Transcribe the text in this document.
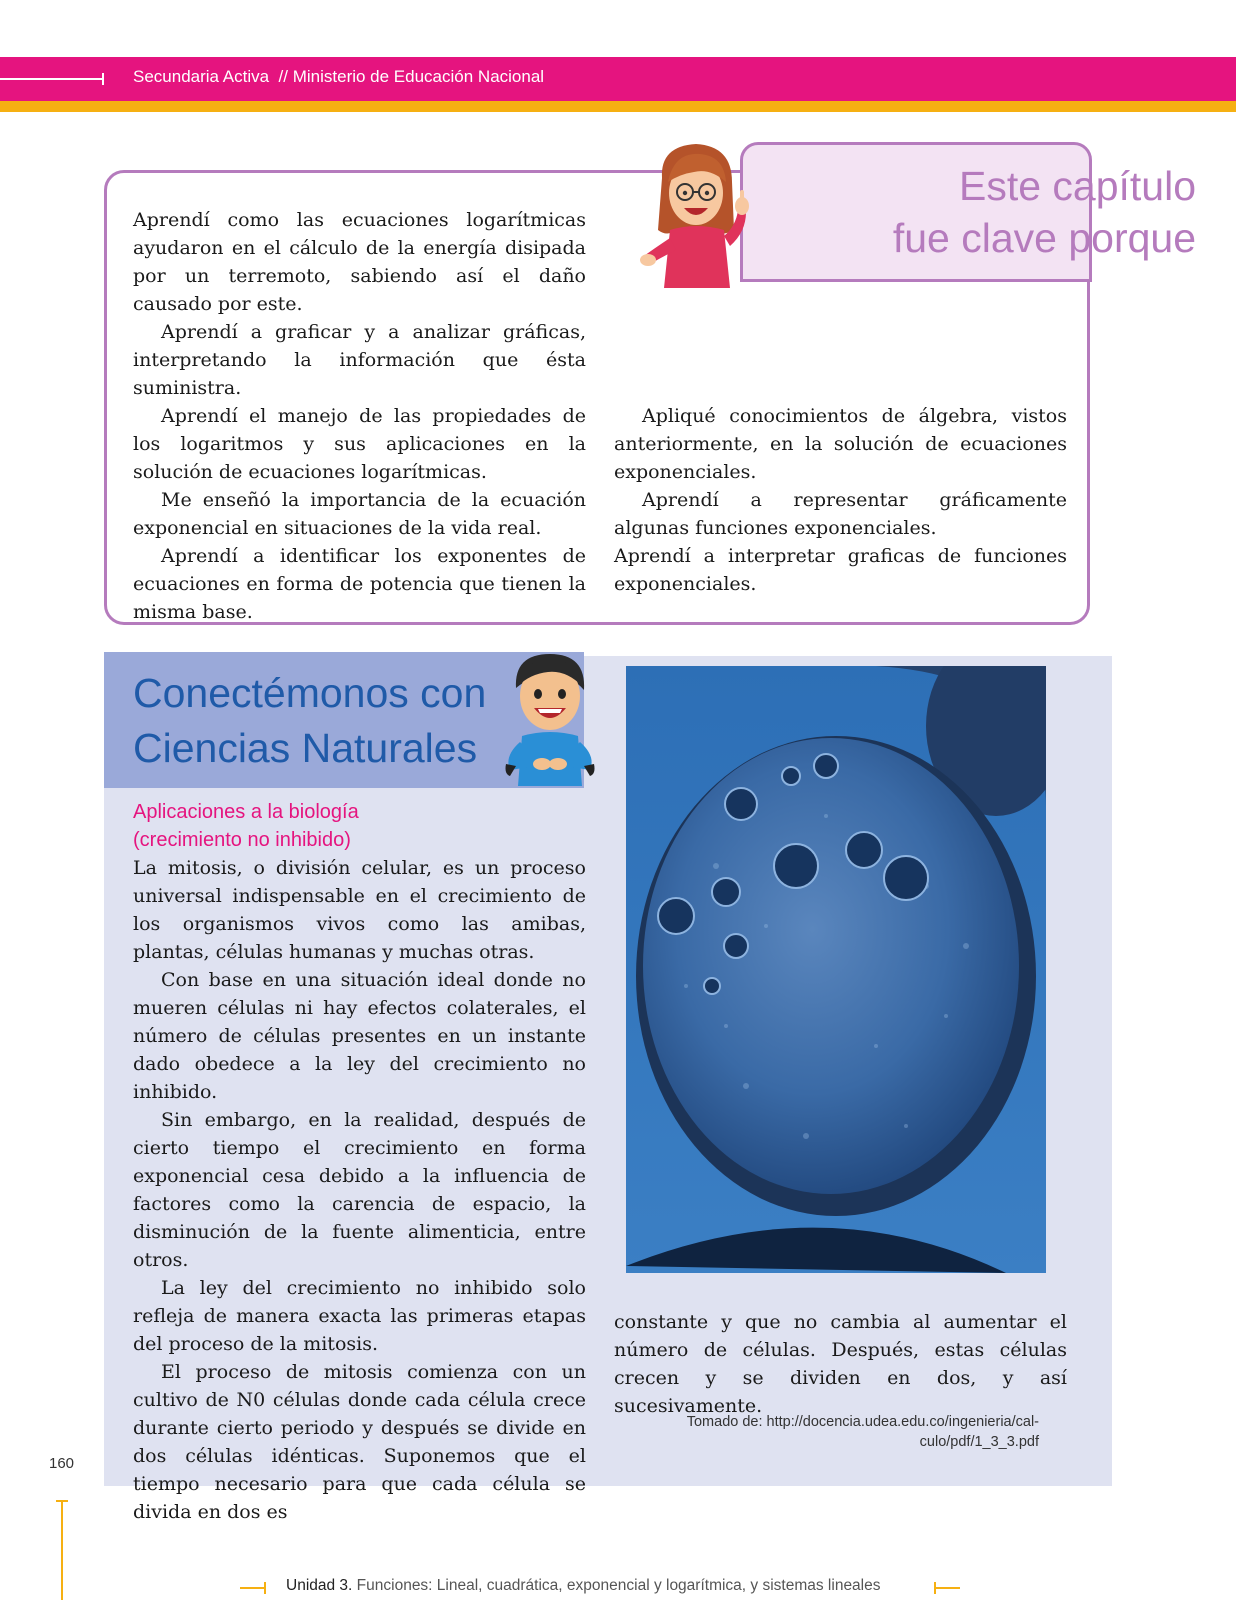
Secundaria Activa // Ministerio de Educación Nacional
Este capítulo
fue clave porque

Aprendí como las ecuaciones logarítmicas ayudaron en el cálculo de la energía disipada por un terremoto, sabiendo así el daño causado por este.

Aprendí a graficar y a analizar gráficas, interpretando la información que ésta suministra.

Aprendí el manejo de las propiedades de los logaritmos y sus aplicaciones en la solución de ecuaciones logarítmicas.

Me enseñó la importancia de la ecuación exponencial en situaciones de la vida real.

Aprendí a identificar los exponentes de ecuaciones en forma de potencia que tienen la misma base.

Apliqué conocimientos de álgebra, vistos anteriormente, en la solución de ecuaciones exponenciales.

Aprendí a representar gráficamente algunas funciones exponenciales.

Aprendí a interpretar graficas de funciones exponenciales.

Conectémonos con
Ciencias Naturales
Aplicaciones a la biología
(crecimiento no inhibido)

La mitosis, o división celular, es un proceso universal indispensable en el crecimiento de los organismos vivos como las amibas, plantas, células humanas y muchas otras.

Con base en una situación ideal donde no mueren células ni hay efectos colaterales, el número de células presentes en un instante dado obedece a la ley del crecimiento no inhibido.

Sin embargo, en la realidad, después de cierto tiempo el crecimiento en forma exponencial cesa debido a la influencia de factores como la carencia de espacio, la disminución de la fuente alimenticia, entre otros.

La ley del crecimiento no inhibido solo refleja de manera exacta las primeras etapas del proceso de la mitosis.

El proceso de mitosis comienza con un cultivo de N0 células donde cada célula crece durante cierto periodo y después se divide en dos células idénticas. Suponemos que el tiempo necesario para que cada célula se divida en dos es

constante y que no cambia al aumentar el número de células. Después, estas células crecen y se dividen en dos, y así sucesivamente.
Tomado de: http://docencia.udea.edu.co/ingenieria/cal-
culo/pdf/1_3_3.pdf
160
Unidad 3. Funciones: Lineal, cuadrática, exponencial y logarítmica, y sistemas lineales
